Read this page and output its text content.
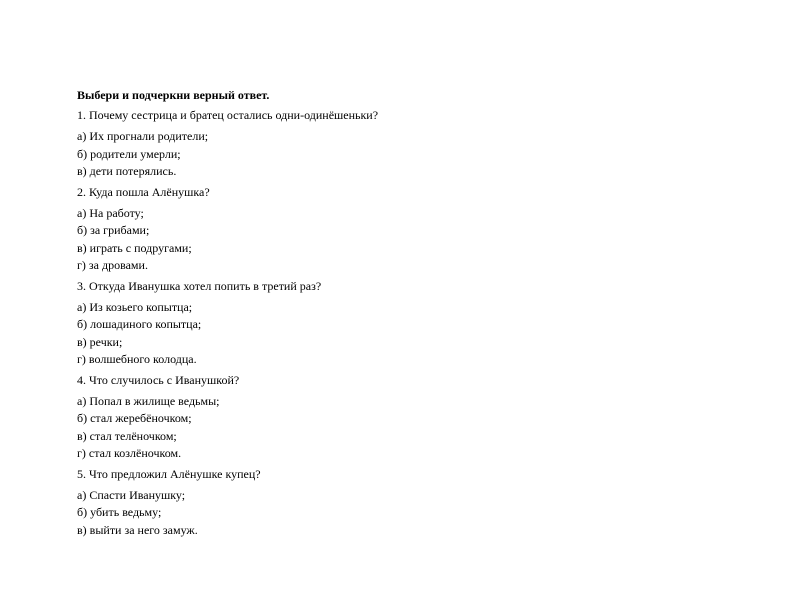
Выбери и подчеркни верный ответ.
1. Почему сестрица и братец остались одни-одинёшеньки?
а) Их прогнали родители;
б) родители умерли;
в) дети потерялись.
2. Куда пошла Алёнушка?
а) На работу;
б) за грибами;
в) играть с подругами;
г) за дровами.
3. Откуда Иванушка хотел попить в третий раз?
а) Из козьего копытца;
б) лошадиного копытца;
в) речки;
г) волшебного колодца.
4. Что случилось с Иванушкой?
а) Попал в жилище ведьмы;
б) стал жеребёночком;
в) стал телёночком;
г) стал козлёночком.
5. Что предложил Алёнушке купец?
а) Спасти Иванушку;
б) убить ведьму;
в) выйти за него замуж.
